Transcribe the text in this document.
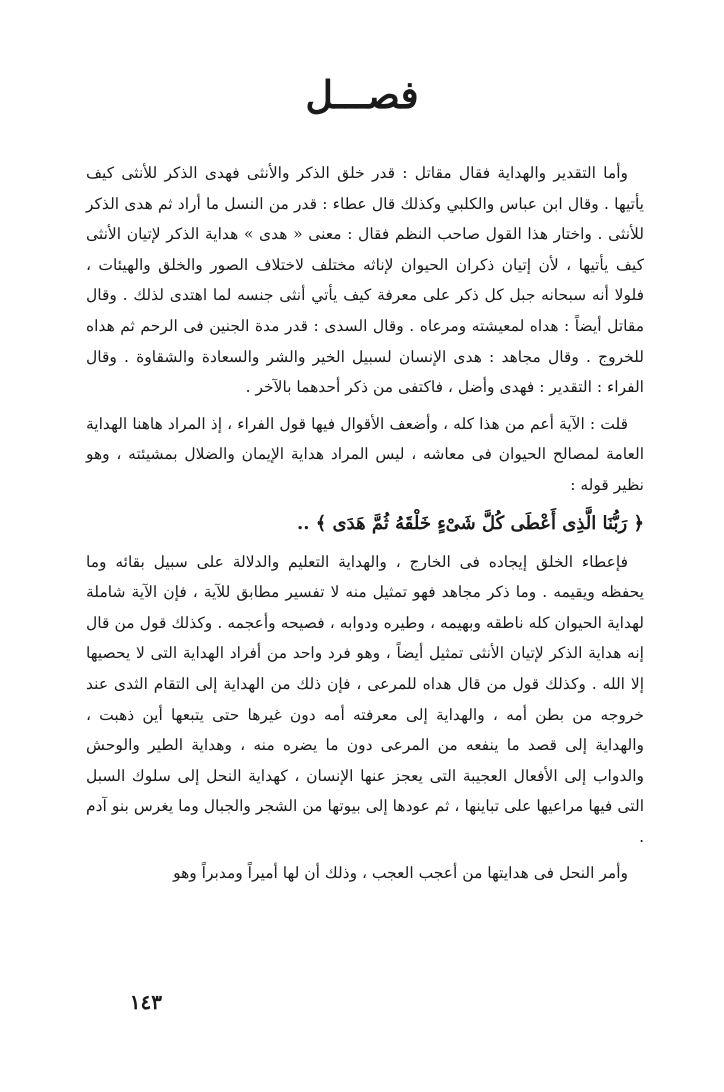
فصـــل

وأما التقدير والهداية فقال مقاتل : قدر خلق الذكر والأنثى فهدى الذكر للأنثى كيف يأتيها . وقال ابن عباس والكلبي وكذلك قال عطاء : قدر من النسل ما أراد ثم هدى الذكر للأنثى . واختار هذا القول صاحب النظم فقال : معنى « هدى » هداية الذكر لإتيان الأنثى كيف يأتيها ، لأن إتيان ذكران الحيوان لإناثه مختلف لاختلاف الصور والخلق والهيئات ، فلولا أنه سبحانه جبل كل ذكر على معرفة كيف يأتي أنثى جنسه لما اهتدى لذلك . وقال مقاتل أيضاً : هداه لمعيشته ومرعاه . وقال السدى : قدر مدة الجنين فى الرحم ثم هداه للخروج . وقال مجاهد : هدى الإنسان لسبيل الخير والشر والسعادة والشقاوة . وقال الفراء : التقدير : فهدى وأضل ، فاكتفى من ذكر أحدهما بالآخر .

قلت : الآية أعم من هذا كله ، وأضعف الأقوال فيها قول الفراء ، إذ المراد هاهنا الهداية العامة لمصالح الحيوان فى معاشه ، ليس المراد هداية الإيمان والضلال بمشيئته ، وهو نظير قوله :

﴿ رَبُّنَا الَّذِى أَعْطَى كُلَّ شَىْءٍ خَلْقَهُ ثُمَّ هَدَى ﴾ ..

فإعطاء الخلق إيجاده فى الخارج ، والهداية التعليم والدلالة على سبيل بقائه وما يحفظه ويقيمه . وما ذكر مجاهد فهو تمثيل منه لا تفسير مطابق للآية ، فإن الآية شاملة لهداية الحيوان كله ناطقه وبهيمه ، وطيره ودوابه ، فصيحه وأعجمه . وكذلك قول من قال إنه هداية الذكر لإتيان الأنثى تمثيل أيضاً ، وهو فرد واحد من أفراد الهداية التى لا يحصيها إلا الله . وكذلك قول من قال هداه للمرعى ، فإن ذلك من الهداية إلى التقام الثدى عند خروجه من بطن أمه ، والهداية إلى معرفته أمه دون غيرها حتى يتبعها أين ذهبت ، والهداية إلى قصد ما ينفعه من المرعى دون ما يضره منه ، وهداية الطير والوحش والدواب إلى الأفعال العجيبة التى يعجز عنها الإنسان ، كهداية النحل إلى سلوك السبل التى فيها مراعيها على تباينها ، ثم عودها إلى بيوتها من الشجر والجبال وما يغرس بنو آدم .

وأمر النحل فى هدايتها من أعجب العجب ، وذلك أن لها أميراً ومدبراً وهو

١٤٣
